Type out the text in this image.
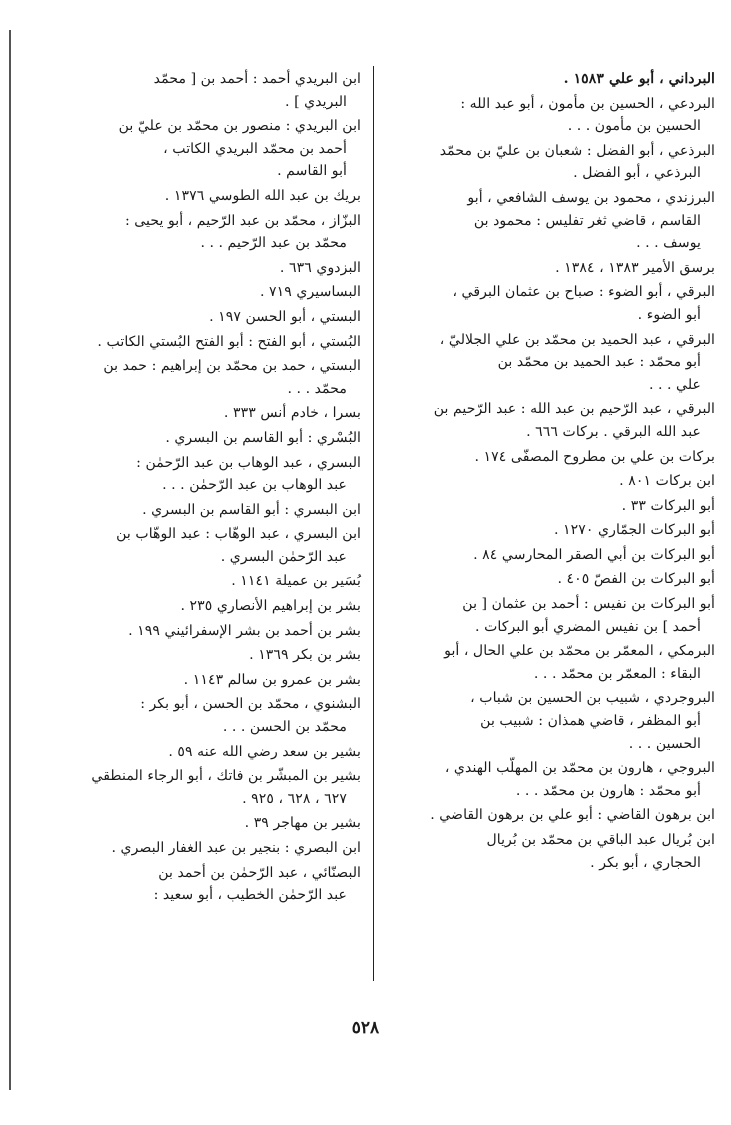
البرداني ، أبو علي ١٥٨٣ .
البردعي ، الحسين بن مأمون ، أبو عبد الله :
الحسين بن مأمون . . .
البرذعي ، أبو الفضل : شعبان بن عليّ بن محمّد
البرذعي ، أبو الفضل .
البرزندي ، محمود بن يوسف الشافعي ، أبو
القاسم ، قاضي ثغر تفليس : محمود بن
يوسف . . .
برسق الأمير ١٣٨٣ ، ١٣٨٤ .
البرقي ، أبو الضوء : صباح بن عثمان البرقي ،
أبو الضوء .
البرقي ، عبد الحميد بن محمّد بن علي الجلاليّ ،
أبو محمّد : عبد الحميد بن محمّد بن
علي . . .
البرقي ، عبد الرّحيم بن عبد الله : عبد الرّحيم بن
عبد الله البرقي . بركات ٦٦٦ .
بركات بن علي بن مطروح المصفّى ١٧٤ .
ابن بركات ٨٠١ .
أبو البركات ٣٣ .
أبو البركات الجمّاري ١٢٧٠ .
أبو البركات بن أبي الصقر المحارسي ٨٤ .
أبو البركات بن الفصّ ٤٠٥ .
أبو البركات بن نفيس : أحمد بن عثمان [ بن
أحمد ] بن نفيس المضري أبو البركات .
البرمكي ، المعمّر بن محمّد بن علي الحال ، أبو
البقاء : المعمّر بن محمّد . . .
البروجردي ، شبيب بن الحسين بن شباب ،
أبو المظفر ، قاضي همذان : شبيب بن
الحسين . . .
البروجي ، هارون بن محمّد بن المهلّب الهندي ،
أبو محمّد : هارون بن محمّد . . .
ابن برهون القاضي : أبو علي بن برهون القاضي .
ابن بُريال عبد الباقي بن محمّد بن بُريال
الحجاري ، أبو بكر .
ابن البريدي أحمد : أحمد بن [ محمّد
البريدي ] .
ابن البريدي : منصور بن محمّد بن عليّ بن
أحمد بن محمّد البريدي الكاتب ،
أبو القاسم .
بريك بن عبد الله الطوسي ١٣٧٦ .
البزّاز ، محمّد بن عبد الرّحيم ، أبو يحيى :
محمّد بن عبد الرّحيم . . .
البزدوي ٦٣٦ .
البساسيري ٧١٩ .
البستي ، أبو الحسن ١٩٧ .
البُستي ، أبو الفتح : أبو الفتح البُستي الكاتب .
البستي ، حمد بن محمّد بن إبراهيم : حمد بن
محمّد . . .
بسرا ، خادم أنس ٣٣٣ .
البُسْري : أبو القاسم بن البسري .
البسري ، عبد الوهاب بن عبد الرّحمٰن :
عبد الوهاب بن عبد الرّحمٰن . . .
ابن البسري : أبو القاسم بن البسري .
ابن البسري ، عبد الوهّاب : عبد الوهّاب بن
عبد الرّحمٰن البسري .
بُسَير بن عميلة ١١٤١ .
بشر بن إبراهيم الأنصاري ٢٣٥ .
بشر بن أحمد بن بشر الإسفرائيني ١٩٩ .
بشر بن بكر ١٣٦٩ .
بشر بن عمرو بن سالم ١١٤٣ .
البشنوي ، محمّد بن الحسن ، أبو بكر :
محمّد بن الحسن . . .
بشير بن سعد رضي الله عنه ٥٩ .
بشير بن المبشّر بن فاتك ، أبو الرجاء المنطقي
٦٢٧ ، ٦٢٨ ، ٩٢٥ .
بشير بن مهاجر ٣٩ .
ابن البصري : بنجير بن عبد الغفار البصري .
البصنّائي ، عبد الرّحمٰن بن أحمد بن
عبد الرّحمٰن الخطيب ، أبو سعيد :
٥٢٨
